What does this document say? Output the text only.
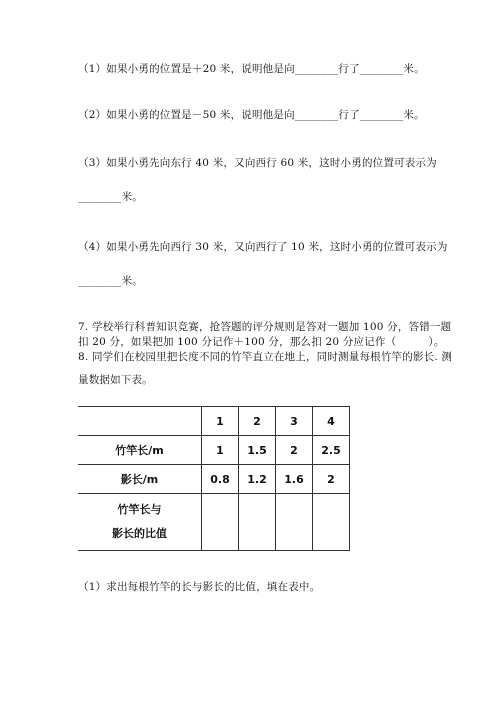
（1）如果小勇的位置是＋20 米，说明他是向________行了________米。
（2）如果小勇的位置是－50 米，说明他是向________行了________米。
（3）如果小勇先向东行 40 米，又向西行 60 米，这时小勇的位置可表示为
________米。
（4）如果小勇先向西行 30 米，又向西行了 10 米，这时小勇的位置可表示为
________米。
7. 学校举行科普知识竞赛，抢答题的评分规则是答对一题加 100 分，答错一题
扣 20 分，如果把加 100 分记作＋100 分，那么扣 20 分应记作（　　　）。
8. 同学们在校园里把长度不同的竹竿直立在地上，同时测量每根竹竿的影长. 测
量数据如下表。
	1	2	3	4
竹竿长/m	1	1.5	2	2.5
影长/m	0.8	1.2	1.6	2

竹竿长与
影长的比值				

（1）求出每根竹竿的长与影长的比值，填在表中。
